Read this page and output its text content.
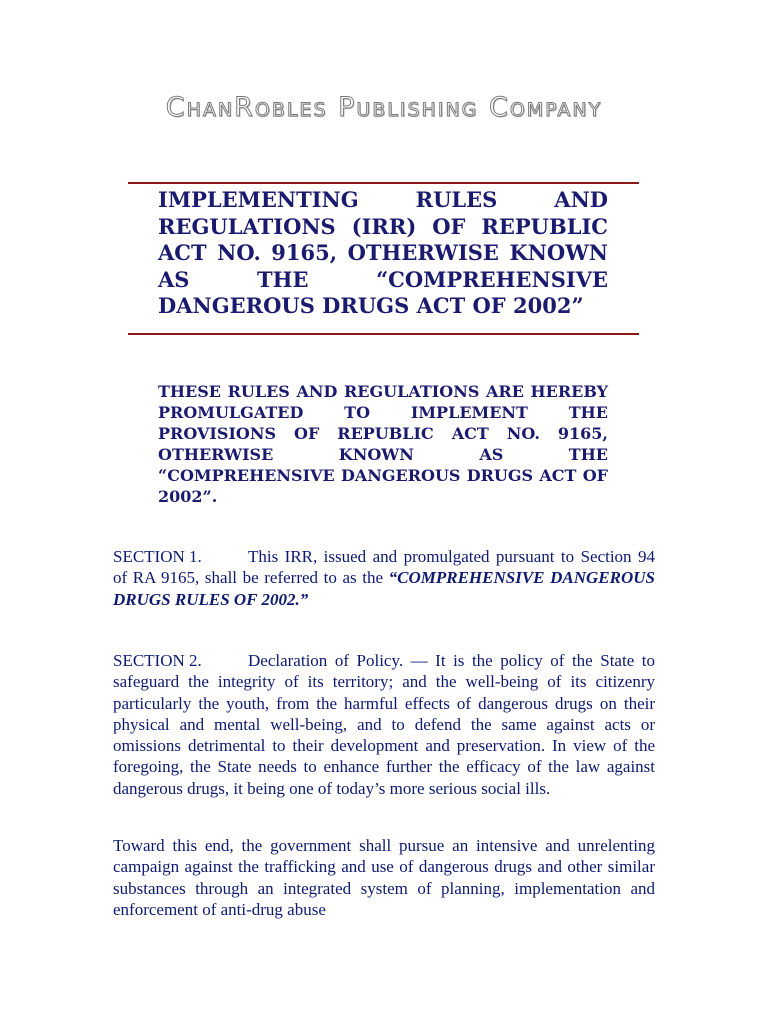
ChanRobles Publishing Company
IMPLEMENTING RULES AND REGULATIONS (IRR) OF REPUBLIC ACT NO. 9165, OTHERWISE KNOWN AS THE “COMPREHENSIVE DANGEROUS DRUGS ACT OF 2002”

THESE RULES AND REGULATIONS ARE HEREBY PROMULGATED TO IMPLEMENT THE PROVISIONS OF REPUBLIC ACT NO. 9165, OTHERWISE KNOWN AS THE “COMPREHENSIVE DANGEROUS DRUGS ACT OF 2002”.

SECTION 1.	This IRR, issued and promulgated pursuant to Section 94 of RA 9165, shall be referred to as the “COMPREHENSIVE DANGEROUS DRUGS RULES OF 2002.”

SECTION 2.	Declaration of Policy. — It is the policy of the State to safeguard the integrity of its territory; and the well-being of its citizenry particularly the youth, from the harmful effects of dangerous drugs on their physical and mental well-being, and to defend the same against acts or omissions detrimental to their development and preservation. In view of the foregoing, the State needs to enhance further the efficacy of the law against dangerous drugs, it being one of today’s more serious social ills.

Toward this end, the government shall pursue an intensive and unrelenting campaign against the trafficking and use of dangerous drugs and other similar substances through an integrated system of planning, implementation and enforcement of anti-drug abuse
